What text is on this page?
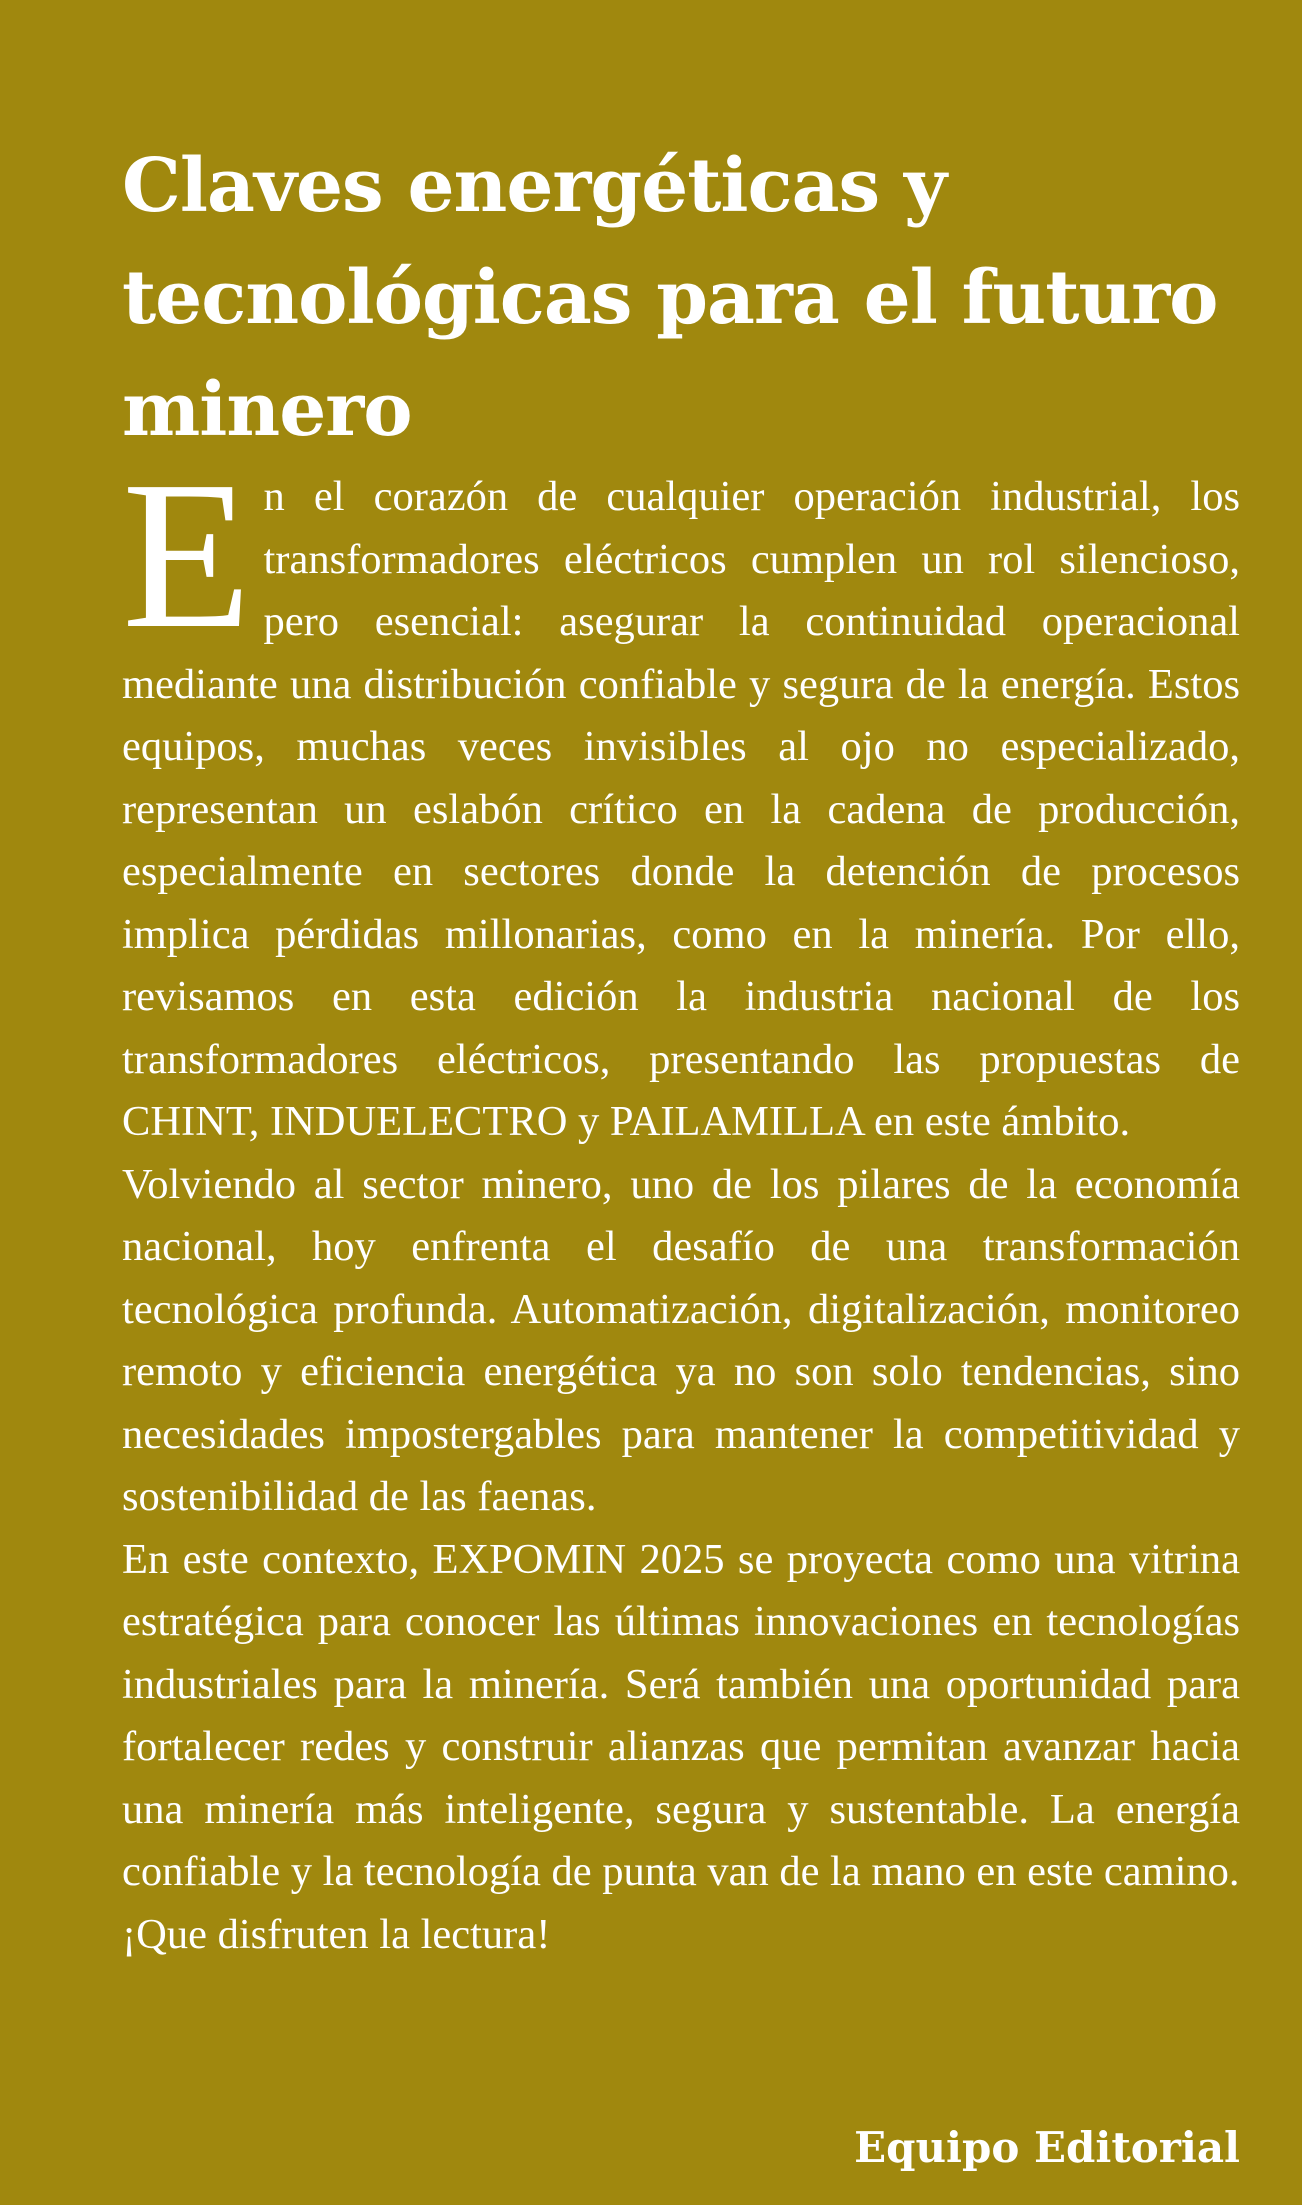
Claves energéticas y tecnológicas para el futuro minero

En el corazón de cualquier operación industrial, los transformadores eléctricos cumplen un rol silencioso, pero esencial: asegurar la continuidad operacional mediante una distribución confiable y segura de la energía. Estos equipos, muchas veces invisibles al ojo no especializado, representan un eslabón crítico en la cadena de producción, especialmente en sectores donde la detención de procesos implica pérdidas millonarias, como en la minería. Por ello, revisamos en esta edición la industria nacional de los transformadores eléctricos, presentando las propuestas de CHINT, INDUELECTRO y PAILAMILLA en este ámbito.

Volviendo al sector minero, uno de los pilares de la economía nacional, hoy enfrenta el desafío de una transformación tecnológica profunda. Automatización, digitalización, monitoreo remoto y eficiencia energética ya no son solo tendencias, sino necesidades impostergables para mantener la competitividad y sostenibilidad de las faenas.

En este contexto, EXPOMIN 2025 se proyecta como una vitrina estratégica para conocer las últimas innovaciones en tecnologías industriales para la minería. Será también una oportunidad para fortalecer redes y construir alianzas que permitan avanzar hacia una minería más inteligente, segura y sustentable. La energía confiable y la tecnología de punta van de la mano en este camino.

¡Que disfruten la lectura!

Equipo Editorial
